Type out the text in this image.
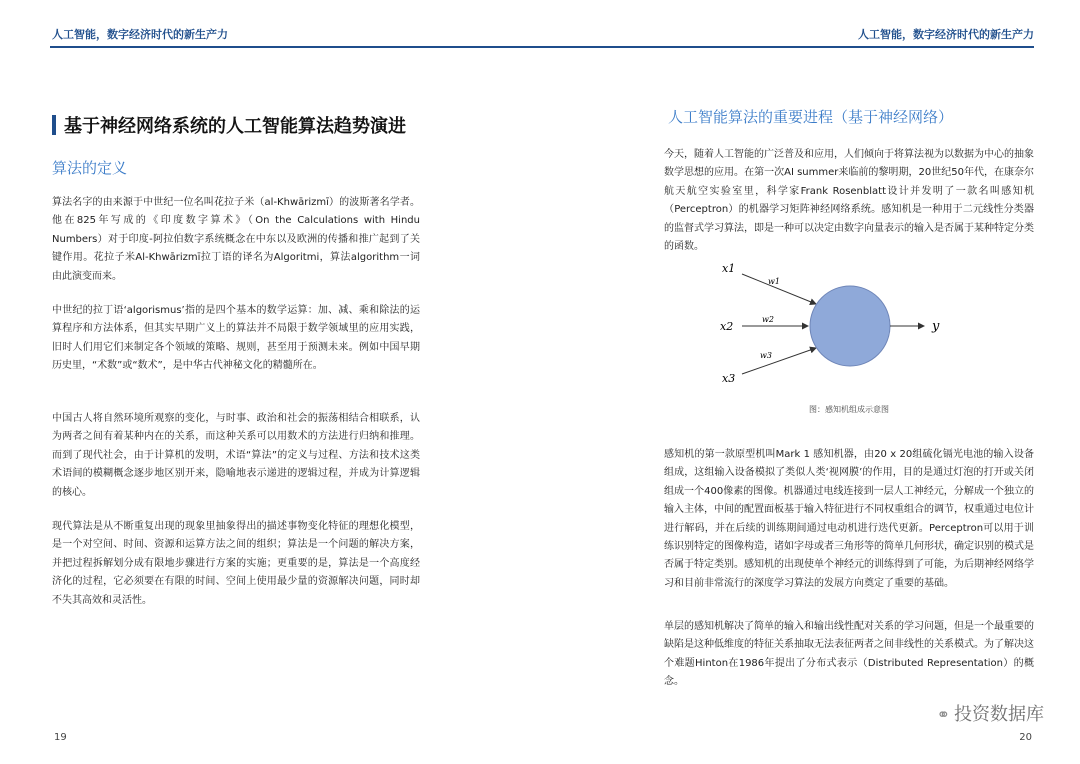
人工智能，数字经济时代的新生产力
基于神经网络系统的人工智能算法趋势演进
算法的定义

算法名字的由来源于中世纪一位名叫花拉子米（al-Khwārizmī）的波斯著名学者。他在825年写成的《印度数字算术》（On the Calculations with Hindu Numbers）对于印度-阿拉伯数字系统概念在中东以及欧洲的传播和推广起到了关键作用。花拉子米Al-Khwārizmī拉丁语的译名为Algoritmi，算法algorithm一词由此演变而来。

中世纪的拉丁语‘algorismus’指的是四个基本的数学运算：加、减、乘和除法的运算程序和方法体系，但其实早期广义上的算法并不局限于数学领域里的应用实践，旧时人们用它们来制定各个领域的策略、规则，甚至用于预测未来。例如中国早期历史里，“术数”或“数术”，是中华古代神秘文化的精髓所在。

中国古人将自然环境所观察的变化，与时事、政治和社会的振荡相结合相联系，认为两者之间有着某种内在的关系，而这种关系可以用数术的方法进行归纳和推理。而到了现代社会，由于计算机的发明，术语“算法”的定义与过程、方法和技术这类术语间的模糊概念逐步地区别开来，隐喻地表示递进的逻辑过程，并成为计算逻辑的核心。

现代算法是从不断重复出现的现象里抽象得出的描述事物变化特征的理想化模型，是一个对空间、时间、资源和运算方法之间的组织；算法是一个问题的解决方案，并把过程拆解划分成有限地步骤进行方案的实施；更重要的是，算法是一个高度经济化的过程，它必须要在有限的时间、空间上使用最少量的资源解决问题，同时却不失其高效和灵活性。

19
人工智能，数字经济时代的新生产力
人工智能算法的重要进程（基于神经网络）

今天，随着人工智能的广泛普及和应用，人们倾向于将算法视为以数据为中心的抽象数学思想的应用。在第一次AI summer来临前的黎明期，20世纪50年代，在康奈尔航天航空实验室里，科学家Frank Rosenblatt设计并发明了一款名叫感知机（Perceptron）的机器学习矩阵神经网络系统。感知机是一种用于二元线性分类器的监督式学习算法，即是一种可以决定由数字向量表示的输入是否属于某种特定分类的函数。

x1
x2
x3
w1
w2
w3
y
图：感知机组成示意图

感知机的第一款原型机叫Mark 1 感知机器，由20 x 20组硫化镉光电池的输入设备组成，这组输入设备模拟了类似人类‘视网膜’的作用，目的是通过灯泡的打开或关闭组成一个400像素的图像。机器通过电线连接到一层人工神经元，分解成一个独立的输入主体，中间的配置面板基于输入特征进行不同权重组合的调节，权重通过电位计进行解码，并在后续的训练期间通过电动机进行迭代更新。Perceptron可以用于训练识别特定的图像构造，诸如字母或者三角形等的简单几何形状，确定识别的模式是否属于特定类别。感知机的出现使单个神经元的训练得到了可能，为后期神经网络学习和目前非常流行的深度学习算法的发展方向奠定了重要的基础。

单层的感知机解决了简单的输入和输出线性配对关系的学习问题，但是一个最重要的缺陷是这种低维度的特征关系抽取无法表征两者之间非线性的关系模式。为了解决这个难题Hinton在1986年提出了分布式表示（Distributed Representation）的概念。

20
⚭ 投资数据库
